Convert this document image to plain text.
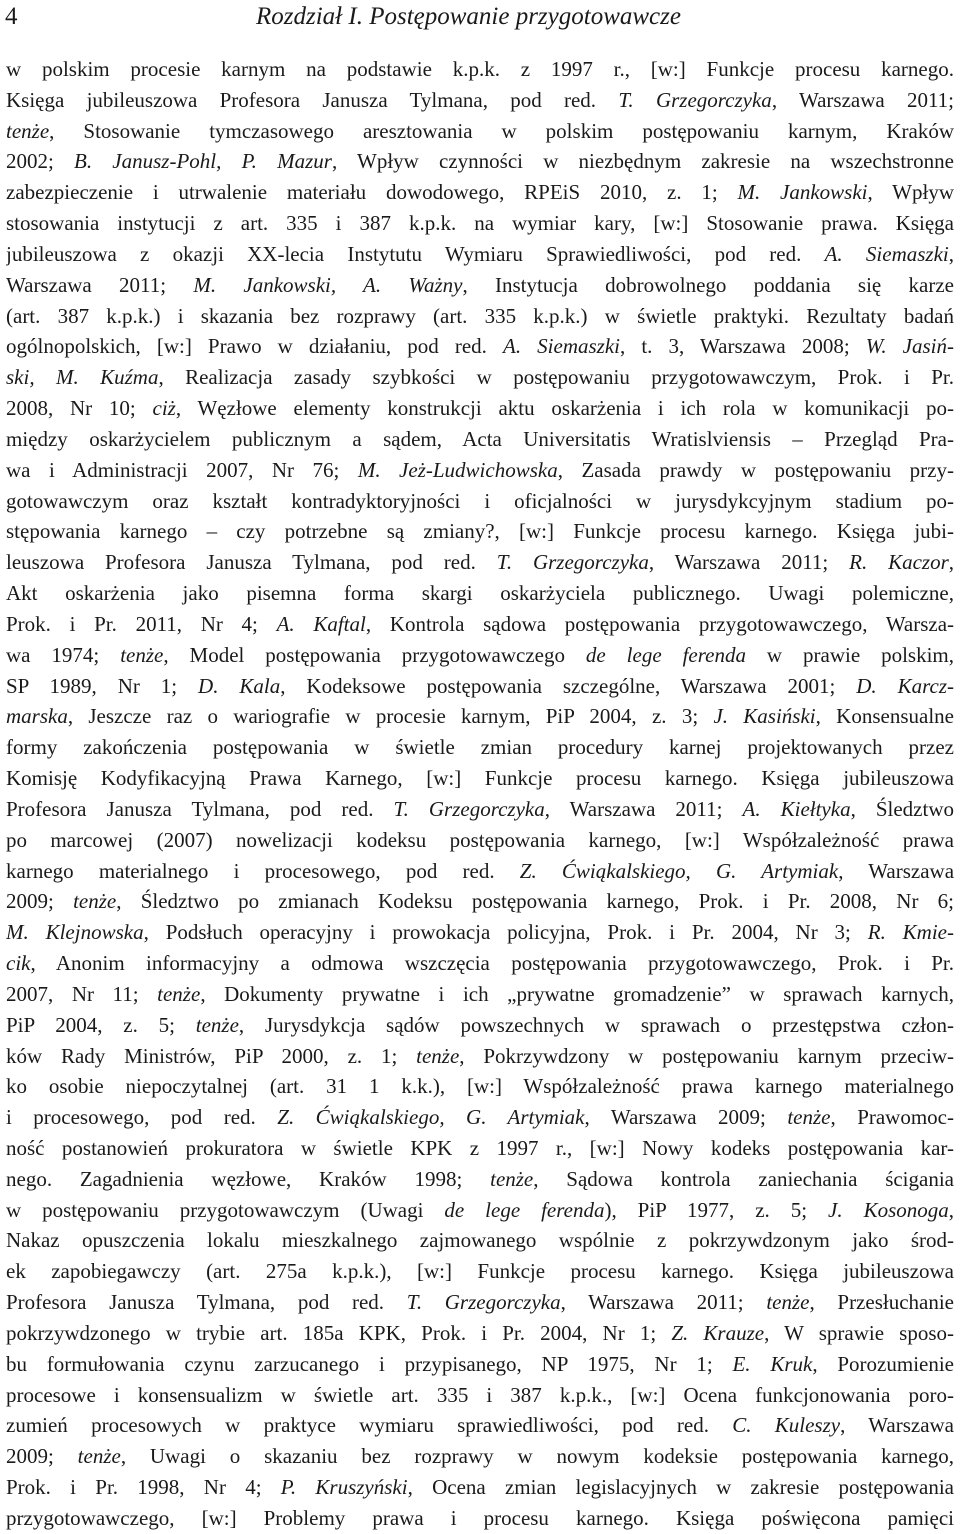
4	Rozdział I. Postępowanie przygotowawcze
w polskim procesie karnym na podstawie k.p.k. z 1997 r., [w:] Funkcje procesu karnego.
Księga jubileuszowa Profesora Janusza Tylmana, pod red. T. Grzegorczyka, Warszawa 2011;
tenże, Stosowanie tymczasowego aresztowania w polskim postępowaniu karnym, Kraków
2002; B. Janusz-Pohl, P. Mazur, Wpływ czynności w niezbędnym zakresie na wszechstronne
zabezpieczenie i utrwalenie materiału dowodowego, RPEiS 2010, z. 1; M. Jankowski, Wpływ
stosowania instytucji z art. 335 i 387 k.p.k. na wymiar kary, [w:] Stosowanie prawa. Księga
jubileuszowa z okazji XX-lecia Instytutu Wymiaru Sprawiedliwości, pod red. A. Siemaszki,
Warszawa 2011; M. Jankowski, A. Ważny, Instytucja dobrowolnego poddania się karze
(art. 387 k.p.k.) i skazania bez rozprawy (art. 335 k.p.k.) w świetle praktyki. Rezultaty badań
ogólnopolskich, [w:] Prawo w działaniu, pod red. A. Siemaszki, t. 3, Warszawa 2008; W. Jasiń-
ski, M. Kuźma, Realizacja zasady szybkości w postępowaniu przygotowawczym, Prok. i Pr.
2008, Nr 10; ciż, Węzłowe elementy konstrukcji aktu oskarżenia i ich rola w komunikacji po-
między oskarżycielem publicznym a sądem, Acta Universitatis Wratislviensis – Przegląd Pra-
wa i Administracji 2007, Nr 76; M. Jeż-Ludwichowska, Zasada prawdy w postępowaniu przy-
gotowawczym oraz kształt kontradyktoryjności i oficjalności w jurysdykcyjnym stadium po-
stępowania karnego – czy potrzebne są zmiany?, [w:] Funkcje procesu karnego. Księga jubi-
leuszowa Profesora Janusza Tylmana, pod red. T. Grzegorczyka, Warszawa 2011; R. Kaczor,
Akt oskarżenia jako pisemna forma skargi oskarżyciela publicznego. Uwagi polemiczne,
Prok. i Pr. 2011, Nr 4; A. Kaftal, Kontrola sądowa postępowania przygotowawczego, Warsza-
wa 1974; tenże, Model postępowania przygotowawczego de lege ferenda w prawie polskim,
SP 1989, Nr 1; D. Kala, Kodeksowe postępowania szczególne, Warszawa 2001; D. Karcz-
marska, Jeszcze raz o wariografie w procesie karnym, PiP 2004, z. 3; J. Kasiński, Konsensualne
formy zakończenia postępowania w świetle zmian procedury karnej projektowanych przez
Komisję Kodyfikacyjną Prawa Karnego, [w:] Funkcje procesu karnego. Księga jubileuszowa
Profesora Janusza Tylmana, pod red. T. Grzegorczyka, Warszawa 2011; A. Kiełtyka, Śledztwo
po marcowej (2007) nowelizacji kodeksu postępowania karnego, [w:] Współzależność prawa
karnego materialnego i procesowego, pod red. Z. Ćwiąkalskiego, G. Artymiak, Warszawa
2009; tenże, Śledztwo po zmianach Kodeksu postępowania karnego, Prok. i Pr. 2008, Nr 6;
M. Klejnowska, Podsłuch operacyjny i prowokacja policyjna, Prok. i Pr. 2004, Nr 3; R. Kmie-
cik, Anonim informacyjny a odmowa wszczęcia postępowania przygotowawczego, Prok. i Pr.
2007, Nr 11; tenże, Dokumenty prywatne i ich „prywatne gromadzenie” w sprawach karnych,
PiP 2004, z. 5; tenże, Jurysdykcja sądów powszechnych w sprawach o przestępstwa człon-
ków Rady Ministrów, PiP 2000, z. 1; tenże, Pokrzywdzony w postępowaniu karnym przeciw-
ko osobie niepoczytalnej (art. 31 1 k.k.), [w:] Współzależność prawa karnego materialnego
i procesowego, pod red. Z. Ćwiąkalskiego, G. Artymiak, Warszawa 2009; tenże, Prawomoc-
ność postanowień prokuratora w świetle KPK z 1997 r., [w:] Nowy kodeks postępowania kar-
nego. Zagadnienia węzłowe, Kraków 1998; tenże, Sądowa kontrola zaniechania ścigania
w postępowaniu przygotowawczym (Uwagi de lege ferenda), PiP 1977, z. 5; J. Kosonoga,
Nakaz opuszczenia lokalu mieszkalnego zajmowanego wspólnie z pokrzywdzonym jako środ-
ek zapobiegawczy (art. 275a k.p.k.), [w:] Funkcje procesu karnego. Księga jubileuszowa
Profesora Janusza Tylmana, pod red. T. Grzegorczyka, Warszawa 2011; tenże, Przesłuchanie
pokrzywdzonego w trybie art. 185a KPK, Prok. i Pr. 2004, Nr 1; Z. Krauze, W sprawie sposo-
bu formułowania czynu zarzucanego i przypisanego, NP 1975, Nr 1; E. Kruk, Porozumienie
procesowe i konsensualizm w świetle art. 335 i 387 k.p.k., [w:] Ocena funkcjonowania poro-
zumień procesowych w praktyce wymiaru sprawiedliwości, pod red. C. Kuleszy, Warszawa
2009; tenże, Uwagi o skazaniu bez rozprawy w nowym kodeksie postępowania karnego,
Prok. i Pr. 1998, Nr 4; P. Kruszyński, Ocena zmian legislacyjnych w zakresie postępowania
przygotowawczego, [w:] Problemy prawa i procesu karnego. Księga poświęcona pamięci
